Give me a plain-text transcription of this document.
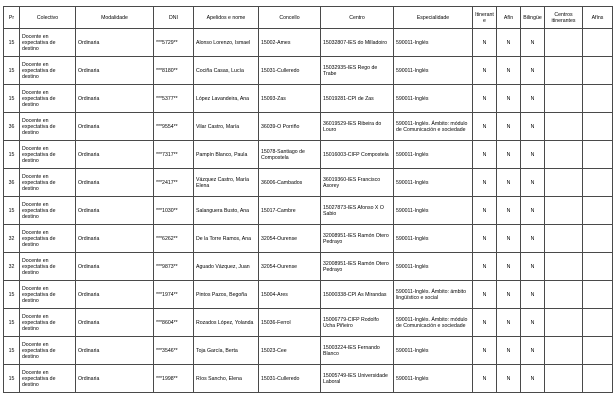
Pr	Colectivo	Modalidade	DNI	Apelidos e nome	Concello	Centro	Especialidade	Itinerante	Afín	Bilingüe	Centros itinerantes	Afíns
15	Docente en expectativa de destino	Ordinaria	***5729**	Alonso Lorenzo, Ismael	15002-Ames	15032807-IES do Milladoiro	590011-Inglés	N	N	N		
15	Docente en expectativa de destino	Ordinaria	***8180**	Cociña Casas, Lucía	15031-Culleredo	15032935-IES Rego de Trabe	590011-Inglés	N	N	N		
15	Docente en expectativa de destino	Ordinaria	***5377**	López Lavandeira, Ana	15093-Zas	15019281-CPI de Zas	590011-Inglés	N	N	N		
36	Docente en expectativa de destino	Ordinaria	***9554**	Vilar Castro, María	36039-O Porriño	36019529-IES Ribeira do Louro	590011-Inglés. Ámbito: módulo de Comunicación e sociedade	N	N	N		
15	Docente en expectativa de destino	Ordinaria	***7317**	Pampín Blanco, Paula	15078-Santiago de Compostela	15016003-CIFP Compostela	590011-Inglés	N	N	N		
36	Docente en expectativa de destino	Ordinaria	***2417**	Vázquez Castro, María Elena	36006-Cambados	36019360-IES Francisco Asorey	590011-Inglés	N	N	N		
15	Docente en expectativa de destino	Ordinaria	***1030**	Salanguera Busto, Ana	15017-Cambre	15027873-IES Afonso X O Sabio	590011-Inglés	N	N	N		
32	Docente en expectativa de destino	Ordinaria	***6262**	De la Torre Ramos, Ana	32054-Ourense	32008951-IES Ramón Otero Pedrayo	590011-Inglés	N	N	N		
32	Docente en expectativa de destino	Ordinaria	***9873**	Aguado Vázquez, Juan	32054-Ourense	32008951-IES Ramón Otero Pedrayo	590011-Inglés	N	N	N		
15	Docente en expectativa de destino	Ordinaria	***1974**	Pintos Pazos, Begoña	15004-Ares	15000338-CPI As Mirandas	590011-Inglés. Ámbito: ámbito lingüístico e social	N	N	N		
15	Docente en expectativa de destino	Ordinaria	***8604**	Rozados López, Yolanda	15036-Ferrol	15006779-CIFP Rodolfo Ucha Piñeiro	590011-Inglés. Ámbito: módulo de Comunicación e sociedade	N	N	N		
15	Docente en expectativa de destino	Ordinaria	***3546**	Toja García, Berta	15023-Cee	15003224-IES Fernando Blanco	590011-Inglés	N	N	N		
15	Docente en expectativa de destino	Ordinaria	***1998**	Ríos Sancho, Elena	15031-Culleredo	15005749-IES Universidade Laboral	590011-Inglés	N	N	N		
